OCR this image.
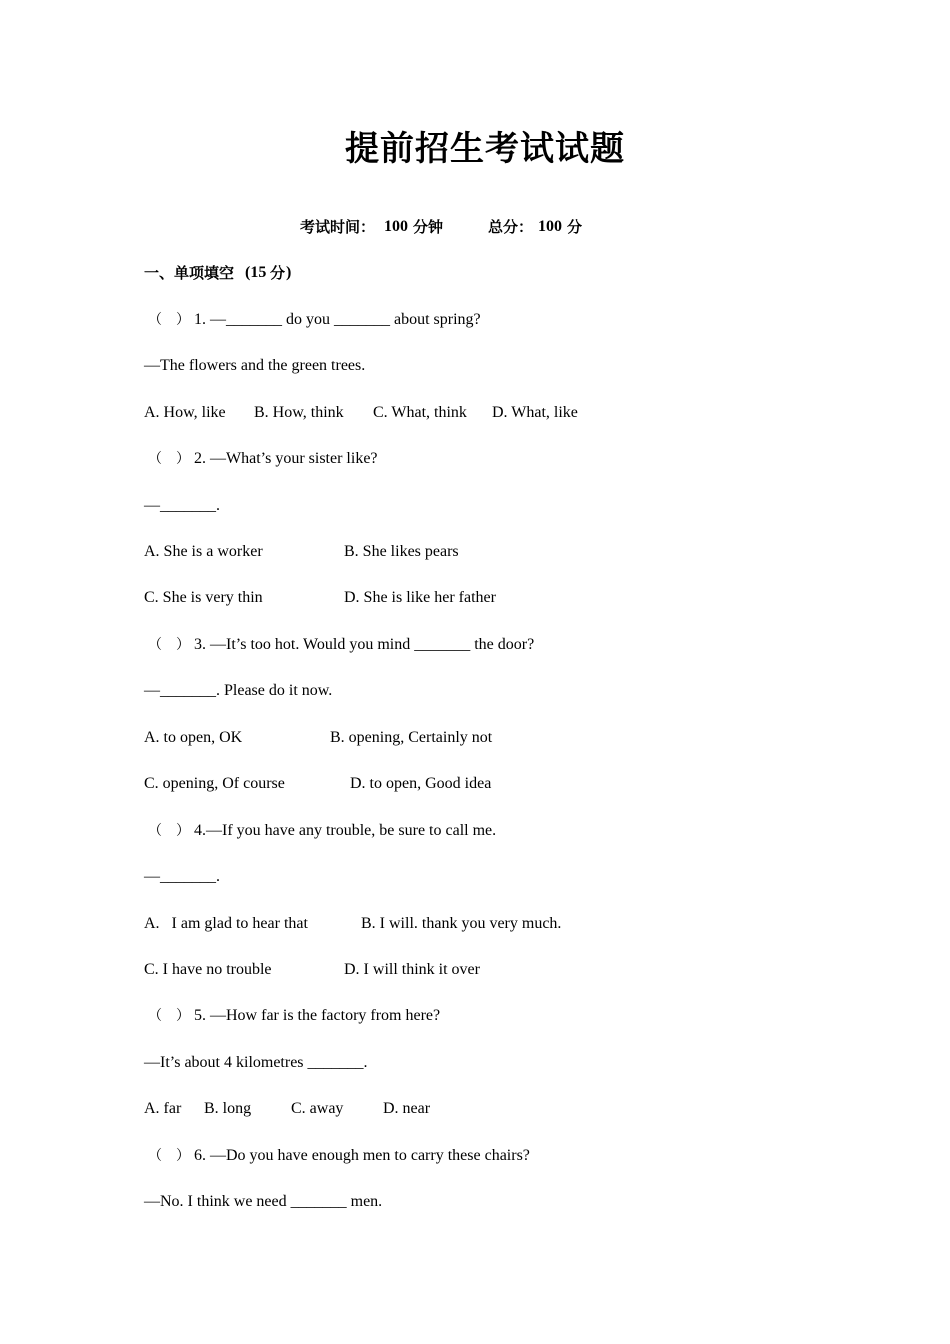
提前招生考试试题
考试时间： 100 分钟	总分： 100 分
一、单项填空 (15 分 )
（　） 1. —_______ do you _______ about spring?
—The flowers and the green trees.
A. How, like B. How, think C. What, think D. What, like
（　） 2. —What’s your sister like?
—_______.
A. She is a worker	B. She likes pears
C. She is very thin	D. She is like her father
（　） 3. —It’s too hot. Would you mind _______ the door?
—_______. Please do it now.
A. to open, OK	B. opening, Certainly not
C. opening, Of course	D. to open, Good idea
（　） 4.—If you have any trouble, be sure to call me.
—_______.
A.   I am glad to hear that	B. I will. thank you very much.
C. I have no trouble	D. I will think it over
（　） 5. —How far is the factory from here?
—It’s about 4 kilometres _______.
A. far B. long C. away D. near
（　） 6. —Do you have enough men to carry these chairs?
—No. I think we need _______ men.
